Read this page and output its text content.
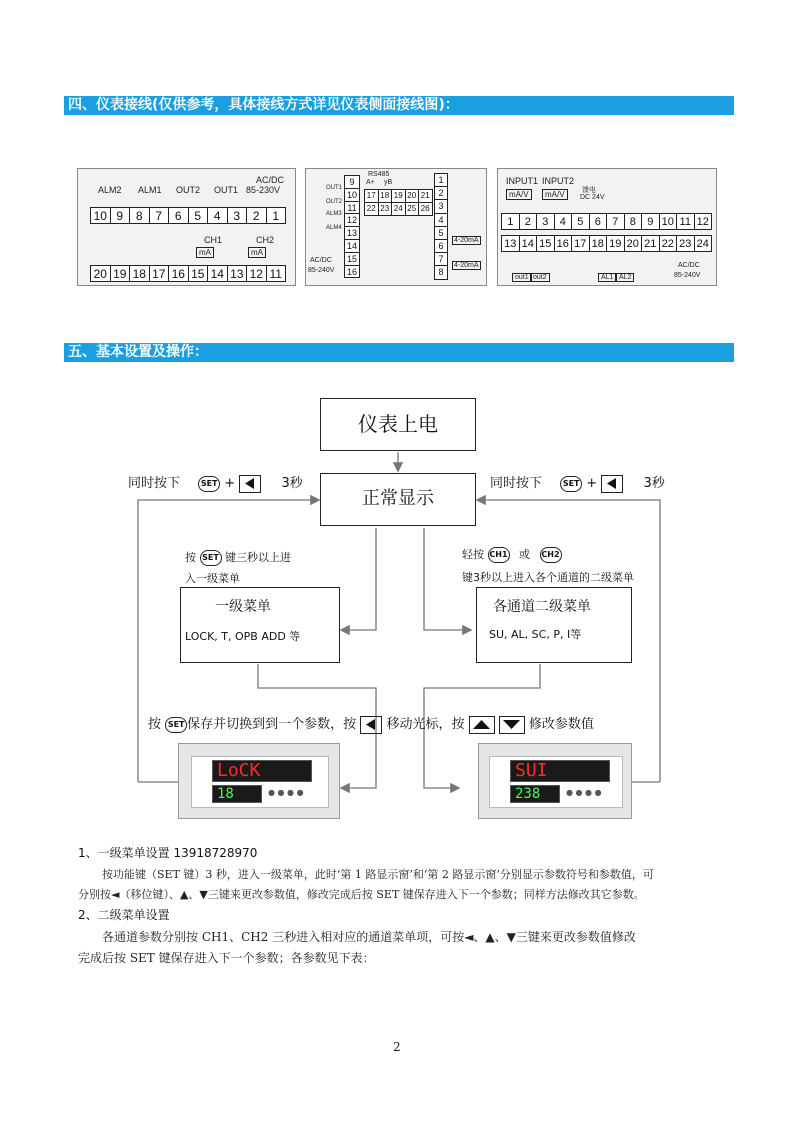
四、仪表接线(仅供参考，具体接线方式详见仪表侧面接线图)：
AC/DC
85-230V
ALM2 ALM1 OUT2 OUT1
10 9	8	7	6	5	4	3	2	1
CH1	CH2
mA	mA
20 19 18 17 16 15 14 13 12 11
RS485
A+ yB
OUT1
OUT2
ALM3
ALM4
9
10
11
12
13
14
15
16
17 18 19 20 21
22 23 24 25 26
1
2
3
4
5
6
7
8
4-20mA
4-20mA
AC/DC
85-240V
INPUT1 INPUT2
mA/V	mA/V	馈电
DC 24V
1	2	3	4	5	6	7	8	9 10 11 12
13 14 15 16 17 18 19 20 21 22 23 24
out1 out2	AL1 AL2
AC/DC
85-240V
五、基本设置及操作：
仪表上电
正常显示
同时按下	SET +	3秒	同时按下	SET +	3秒
按 SET 键三秒以上进
入一级菜单
轻按 CH1 或 CH2
键3秒以上进入各个通道的二级菜单
一级菜单
LOCK, T, OPB ADD 等
各通道二级菜单
SU, AL, SC, P, I等
按 SET 保存并切换到到一个参数，按 移动光标，按
	修改参数值
LoCK
18	● ● ● ●
SUI
238	● ● ● ●
1、一级菜单设置 13918728970
按功能键（SET 键）3 秒，进入一级菜单，此时‘第 1 路显示窗’和‘第 2 路显示窗’分别显示参数符号和参数值，可
分别按◄（移位键）、▲、▼三键来更改参数值，修改完成后按 SET 键保存进入下一个参数；同样方法修改其它参数。
2、二级菜单设置
各通道参数分别按 CH1、CH2 三秒进入相对应的通道菜单项，可按◄、▲、▼三键来更改参数值修改
完成后按 SET 键保存进入下一个参数；各参数见下表：
2
